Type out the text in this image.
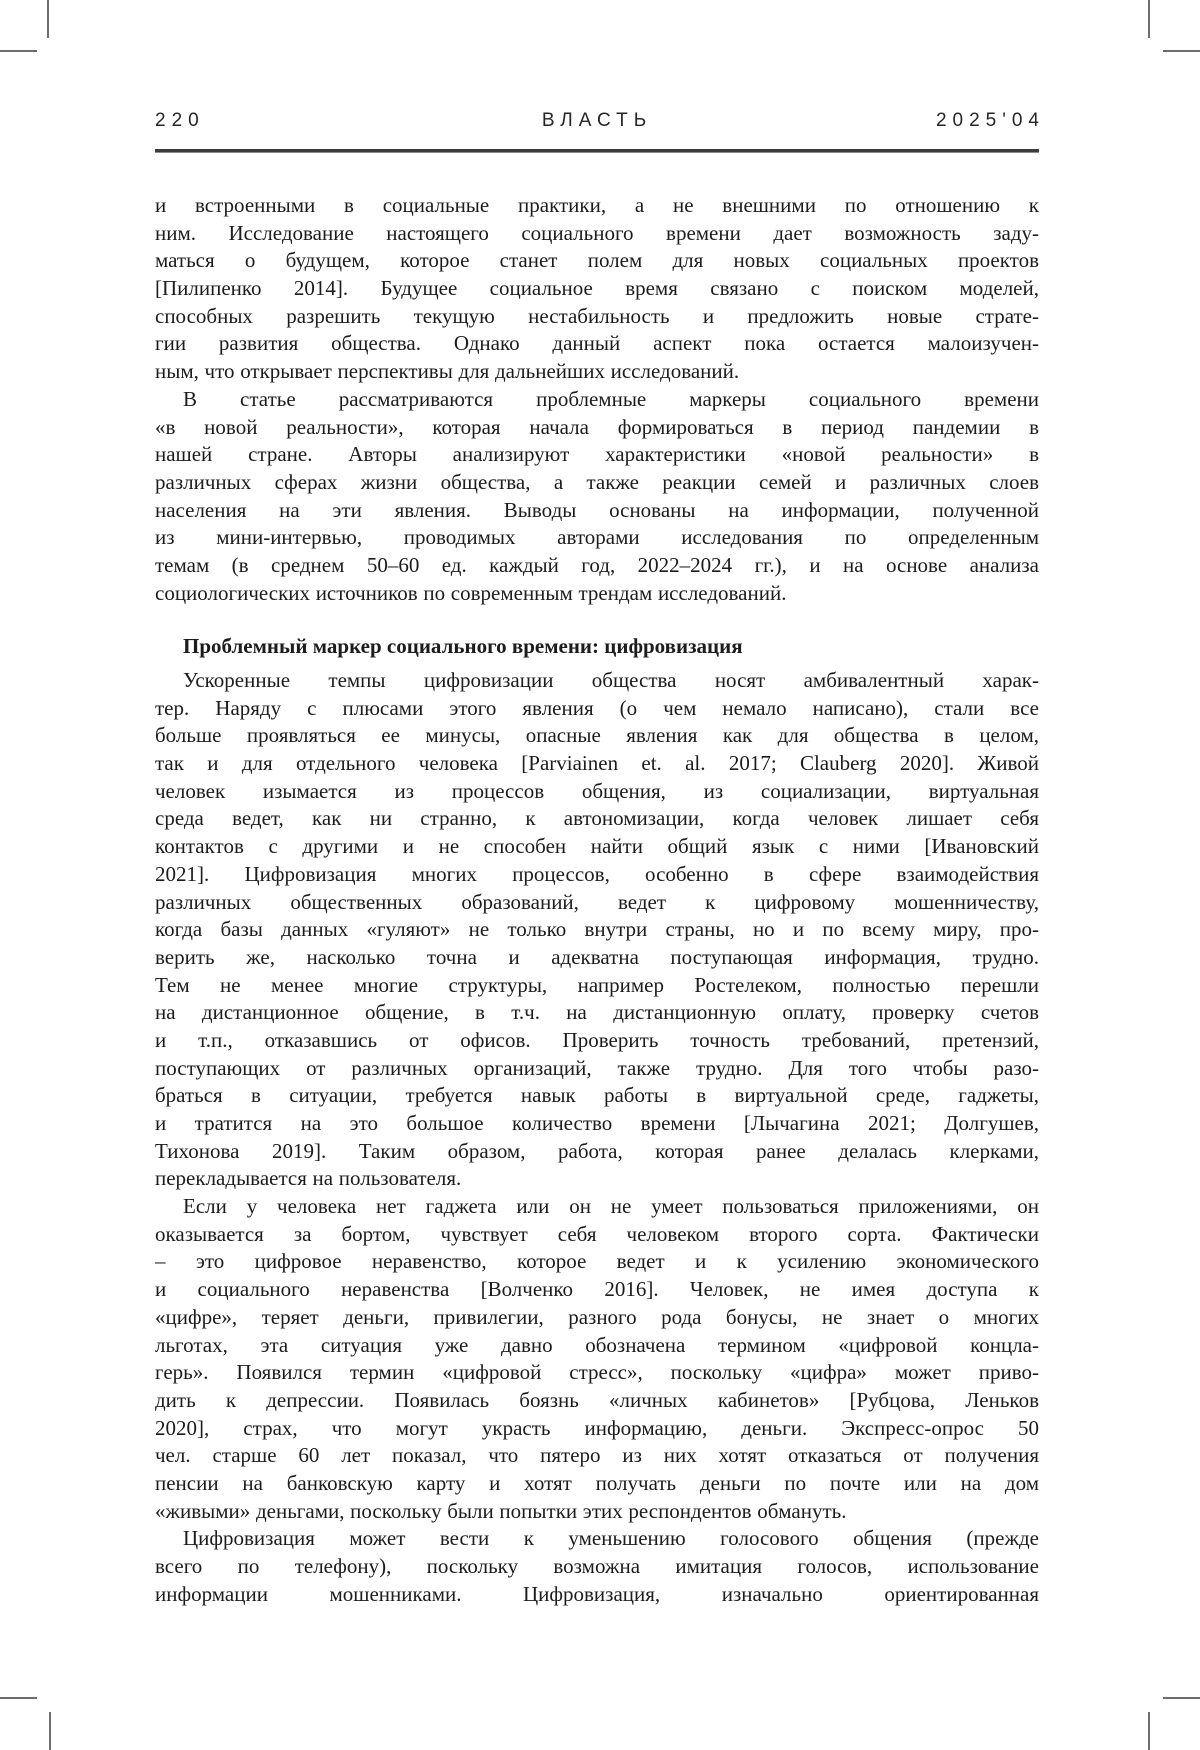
220	ВЛАСТЬ	2025'04
и встроенными в социальные практики, а не внешними по отношению к
ним. Исследование настоящего социального времени дает возможность заду-
маться о будущем, которое станет полем для новых социальных проектов
[Пилипенко 2014]. Будущее социальное время связано с поиском моделей,
способных разрешить текущую нестабильность и предложить новые страте-
гии развития общества. Однако данный аспект пока остается малоизучен-
ным, что открывает перспективы для дальнейших исследований.
В статье рассматриваются проблемные маркеры социального времени
«в новой реальности», которая начала формироваться в период пандемии в
нашей стране. Авторы анализируют характеристики «новой реальности» в
различных сферах жизни общества, а также реакции семей и различных слоев
населения на эти явления. Выводы основаны на информации, полученной
из мини-интервью, проводимых авторами исследования по определенным
темам (в среднем 50–60 ед. каждый год, 2022–2024 гг.), и на основе анализа
социологических источников по современным трендам исследований.
Проблемный маркер социального времени: цифровизация
Ускоренные темпы цифровизации общества носят амбивалентный харак-
тер. Наряду с плюсами этого явления (о чем немало написано), стали все
больше проявляться ее минусы, опасные явления как для общества в целом,
так и для отдельного человека [Parviainen et. al. 2017; Clauberg 2020]. Живой
человек изымается из процессов общения, из социализации, виртуальная
среда ведет, как ни странно, к автономизации, когда человек лишает себя
контактов с другими и не способен найти общий язык с ними [Ивановский
2021]. Цифровизация многих процессов, особенно в сфере взаимодействия
различных общественных образований, ведет к цифровому мошенничеству,
когда базы данных «гуляют» не только внутри страны, но и по всему миру, про-
верить же, насколько точна и адекватна поступающая информация, трудно.
Тем не менее многие структуры, например Ростелеком, полностью перешли
на дистанционное общение, в т.ч. на дистанционную оплату, проверку счетов
и т.п., отказавшись от офисов. Проверить точность требований, претензий,
поступающих от различных организаций, также трудно. Для того чтобы разо-
браться в ситуации, требуется навык работы в виртуальной среде, гаджеты,
и тратится на это большое количество времени [Лычагина 2021; Долгушев,
Тихонова 2019]. Таким образом, работа, которая ранее делалась клерками,
перекладывается на пользователя.
Если у человека нет гаджета или он не умеет пользоваться приложениями, он
оказывается за бортом, чувствует себя человеком второго сорта. Фактически
– это цифровое неравенство, которое ведет и к усилению экономического
и социального неравенства [Волченко 2016]. Человек, не имея доступа к
«цифре», теряет деньги, привилегии, разного рода бонусы, не знает о многих
льготах, эта ситуация уже давно обозначена термином «цифровой концла-
герь». Появился термин «цифровой стресс», поскольку «цифра» может приво-
дить к депрессии. Появилась боязнь «личных кабинетов» [Рубцова, Леньков
2020], страх, что могут украсть информацию, деньги. Экспресс-опрос 50
чел. старше 60 лет показал, что пятеро из них хотят отказаться от получения
пенсии на банковскую карту и хотят получать деньги по почте или на дом
«живыми» деньгами, поскольку были попытки этих респондентов обмануть.
Цифровизация может вести к уменьшению голосового общения (прежде
всего по телефону), поскольку возможна имитация голосов, использование
информации мошенниками. Цифровизация, изначально ориентированная
